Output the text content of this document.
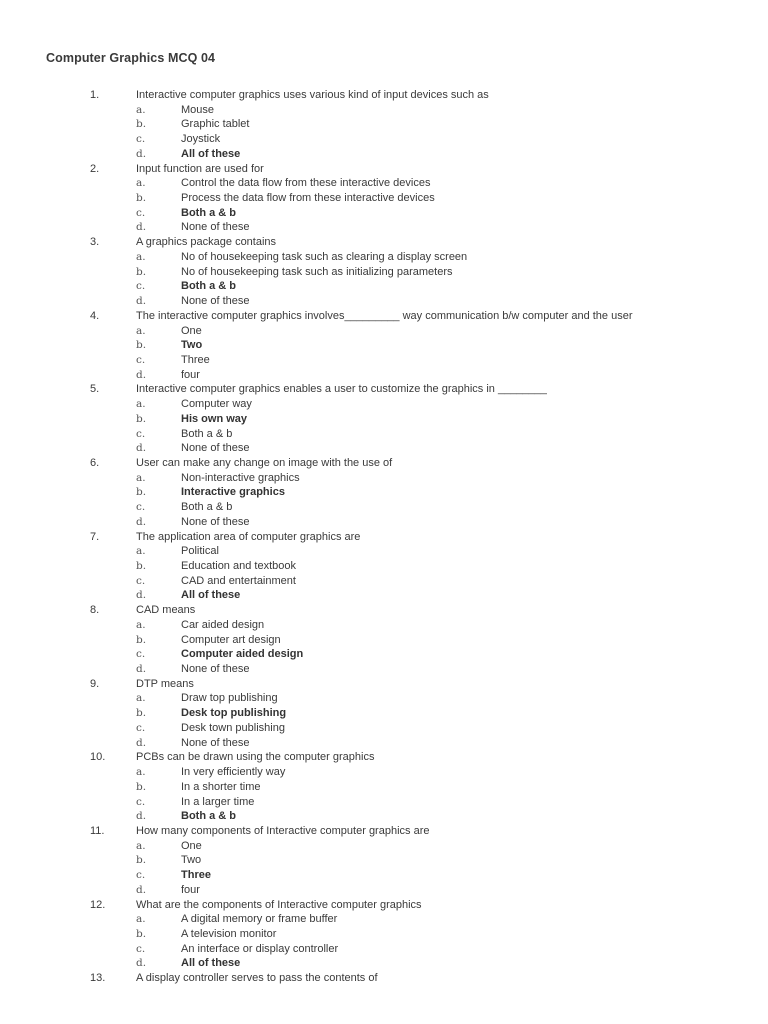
Computer Graphics MCQ 04
1.	Interactive computer graphics uses various kind of input devices such as
a.	Mouse
b.	Graphic tablet
c.	Joystick
d.	All of these
2.	Input function are used for
a.	Control the data flow from these interactive devices
b.	Process the data flow from these interactive devices
c.	Both a & b
d.	None of these
3.	A graphics package contains
a.	No of housekeeping task such as clearing a display screen
b.	No of housekeeping task such as initializing parameters
c.	Both a & b
d.	None of these
4.	The interactive computer graphics involves_________ way communication b/w computer and the user
a.	One
b.	Two
c.	Three
d.	four
5.	Interactive computer graphics enables a user to customize the graphics in ________
a.	Computer way
b.	His own way
c.	Both a & b
d.	None of these
6.	User can make any change on image with the use of
a.	Non-interactive graphics
b.	Interactive graphics
c.	Both a & b
d.	None of these
7.	The application area of computer graphics are
a.	Political
b.	Education and textbook
c.	CAD and entertainment
d.	All of these
8.	CAD means
a.	Car aided design
b.	Computer art design
c.	Computer aided design
d.	None of these
9.	DTP means
a.	Draw top publishing
b.	Desk top publishing
c.	Desk town publishing
d.	None of these
10.	PCBs can be drawn using the computer graphics
a.	In very efficiently way
b.	In a shorter time
c.	In a larger time
d.	Both a & b
11.	How many components of Interactive computer graphics are
a.	One
b.	Two
c.	Three
d.	four
12.	What are the components of Interactive computer graphics
a.	A digital memory or frame buffer
b.	A television monitor
c.	An interface or display controller
d.	All of these
13.	A display controller serves to pass the contents of
